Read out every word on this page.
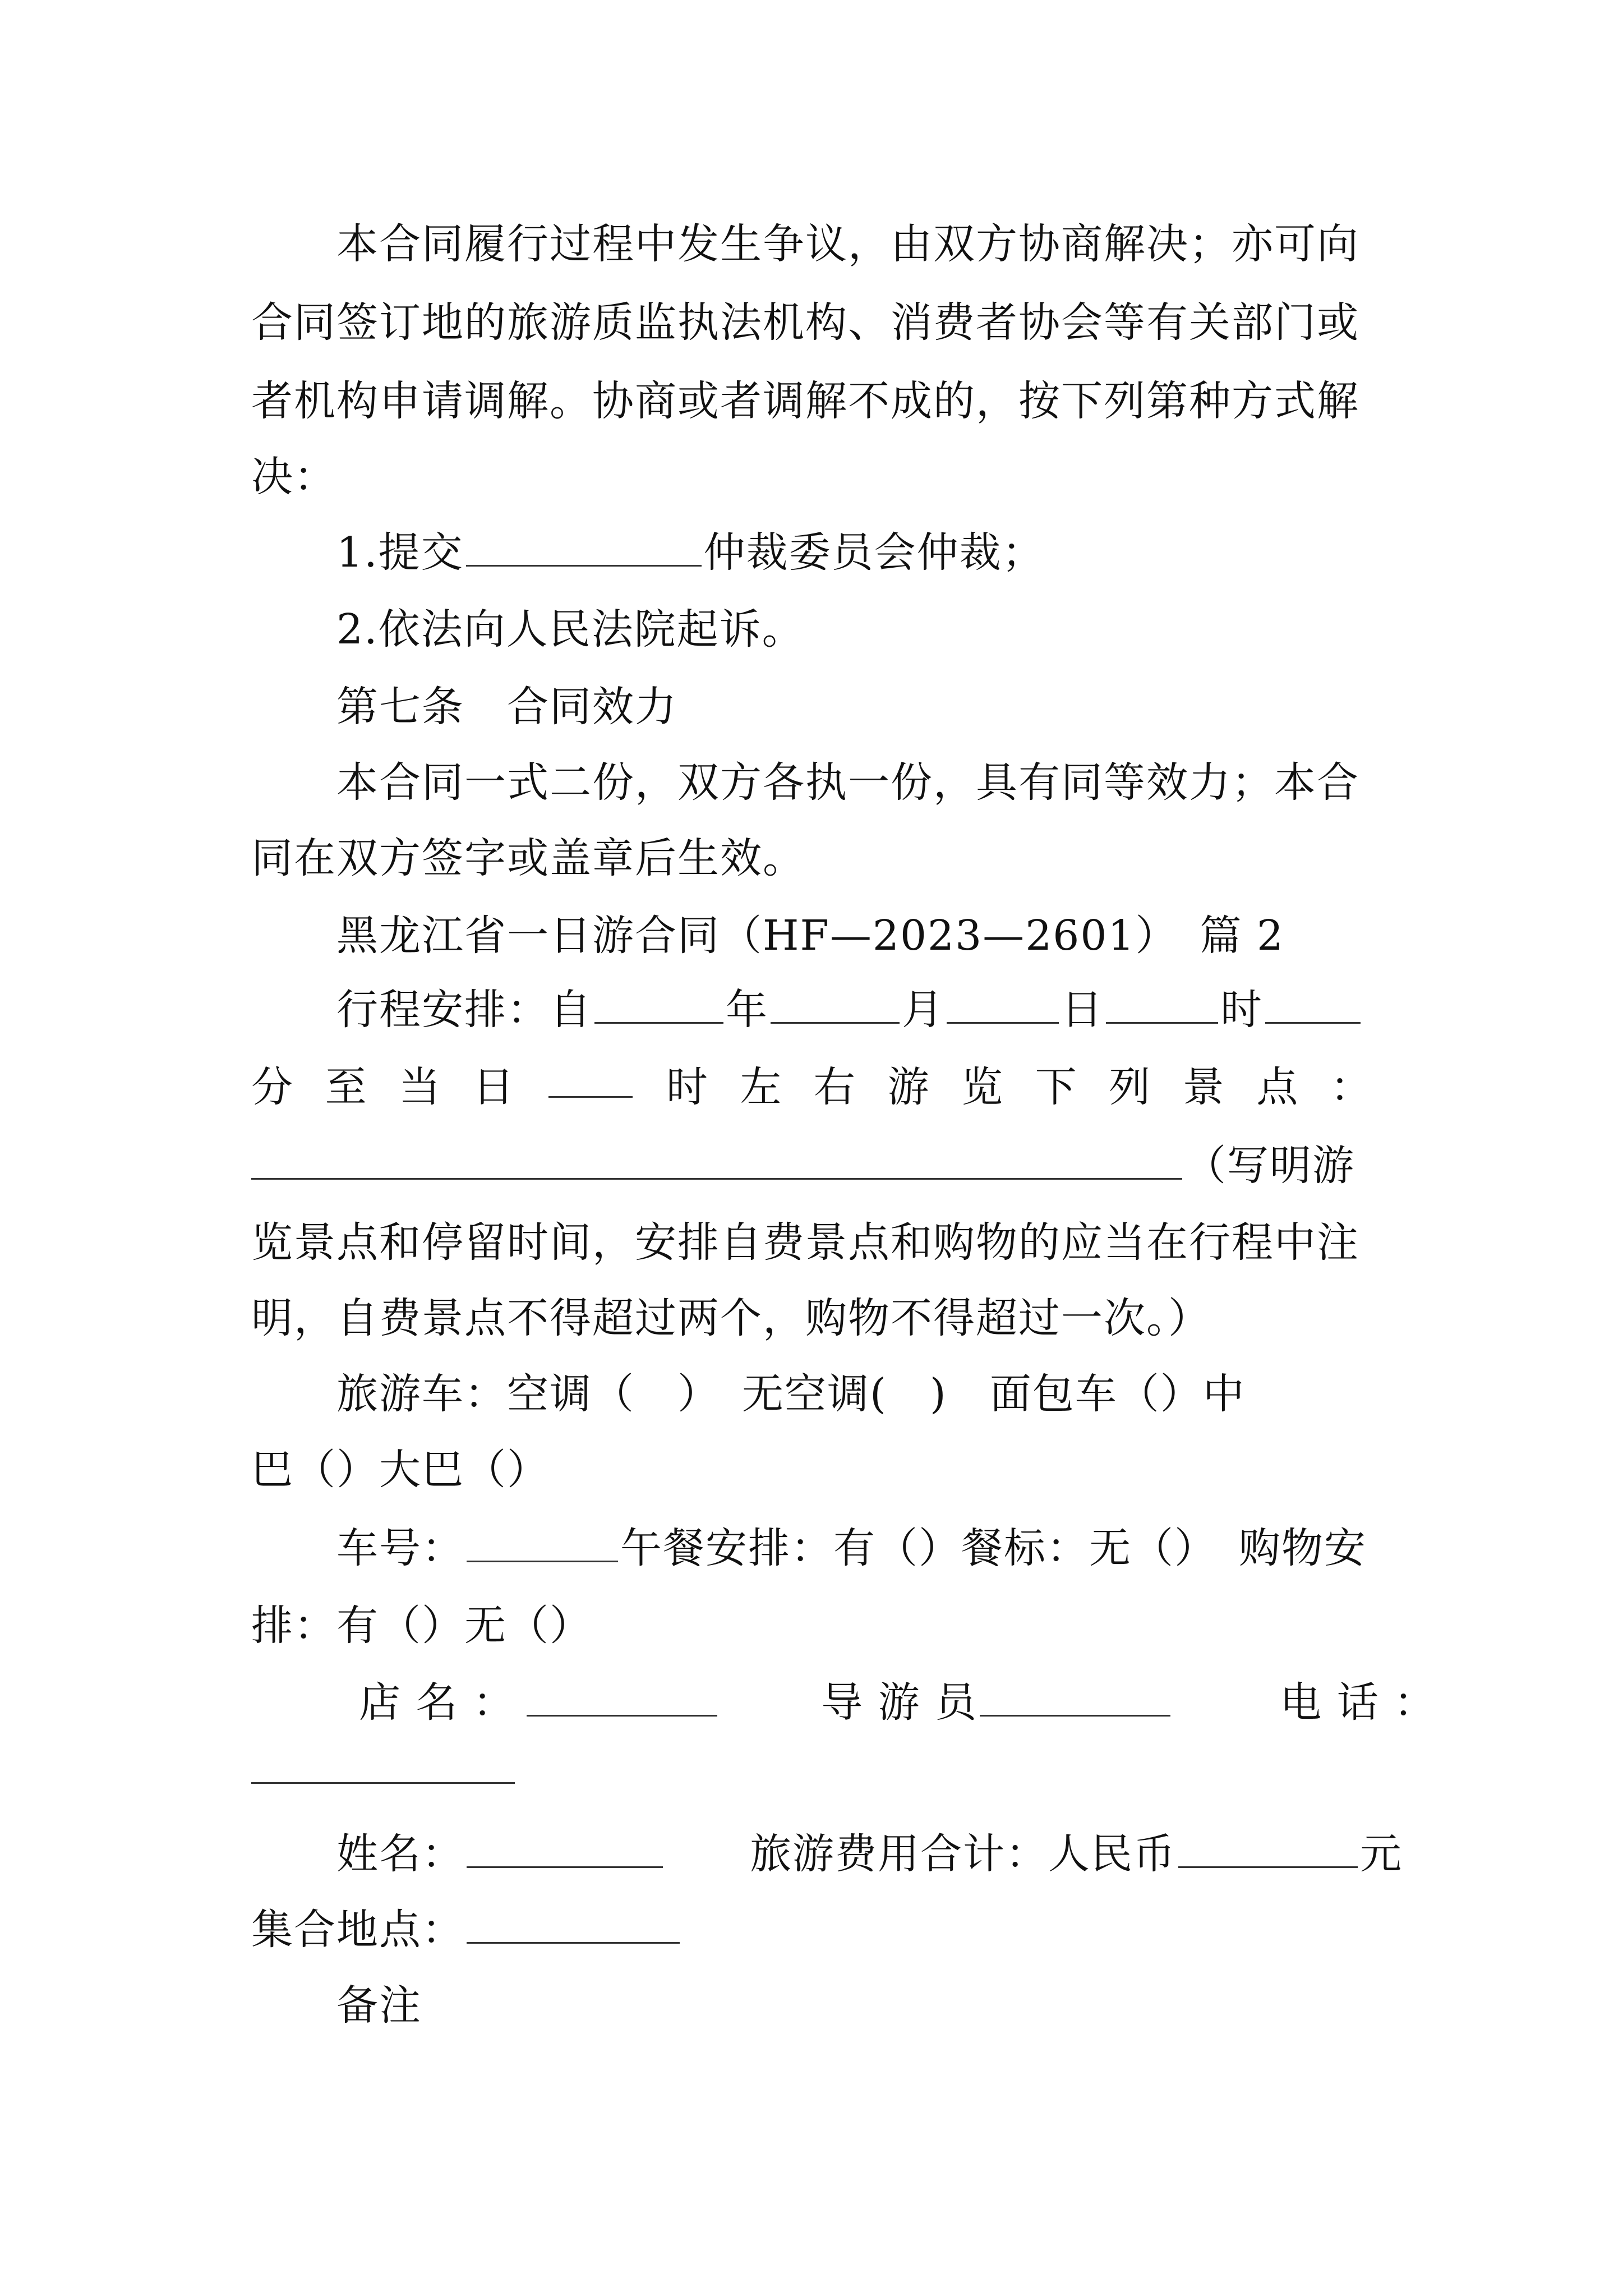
本合同履行过程中发生争议，由双方协商解决；亦可向
合同签订地的旅游质监执法机构、消费者协会等有关部门或
者机构申请调解。协商或者调解不成的，按下列第种方式解
决：
1.提交	仲裁委员会仲裁；
2.依法向人民法院起诉。
第七条　合同效力
本合同一式二份，双方各执一份，具有同等效力；本合
同在双方签字或盖章后生效。
黑龙江省一日游合同（HF—2023—2601）　篇 2
行程安排：自	年	月	日	时
分 至 当 日	时 左 右 游 览 下 列 景 点 ：
（写明游
览景点和停留时间，安排自费景点和购物的应当在行程中注
明，自费景点不得超过两个，购物不得超过一次。）
旅游车：空调（　）　无空调(　)　面包车（）中
巴（）大巴（）
车号：	午餐安排：有（）餐标：无（）　购物安
排：有（）无（）
店 名 ：	导 游 员	电 话 ：
姓名：	旅游费用合计：人民币	元
集合地点：
备注
